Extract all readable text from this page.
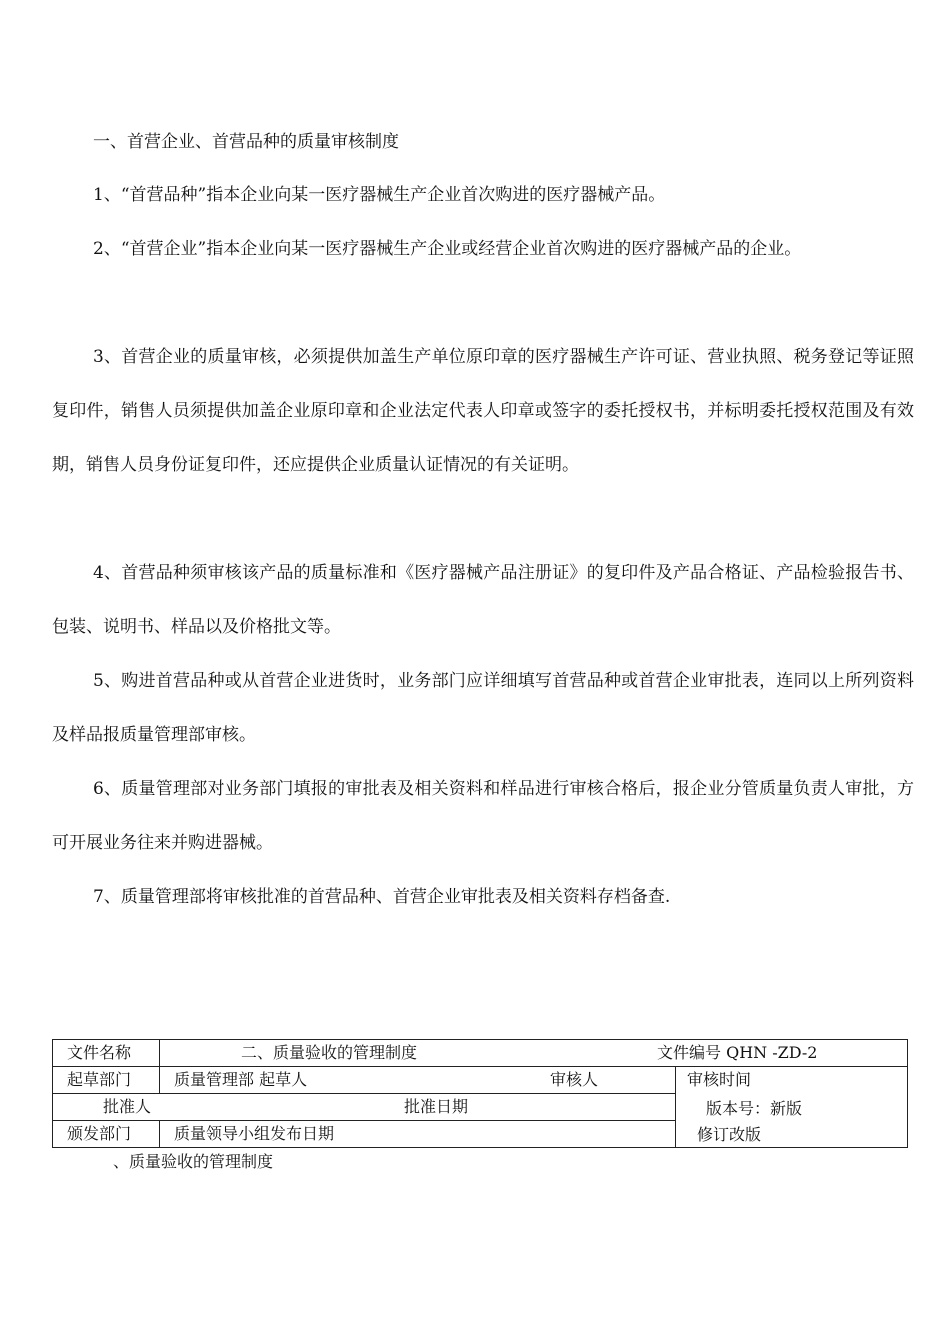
一、首营企业、首营品种的质量审核制度

1、“首营品种”指本企业向某一医疗器械生产企业首次购进的医疗器械产品。

2、“首营企业”指本企业向某一医疗器械生产企业或经营企业首次购进的医疗器械产品的企业。

3、首营企业的质量审核，必须提供加盖生产单位原印章的医疗器械生产许可证、营业执照、税务登记等证照复印件，销售人员须提供加盖企业原印章和企业法定代表人印章或签字的委托授权书，并标明委托授权范围及有效期，销售人员身份证复印件，还应提供企业质量认证情况的有关证明。

4、首营品种须审核该产品的质量标准和《医疗器械产品注册证》的复印件及产品合格证、产品检验报告书、包装、说明书、样品以及价格批文等。

5、购进首营品种或从首营企业进货时，业务部门应详细填写首营品种或首营企业审批表，连同以上所列资料及样品报质量管理部审核。

6、质量管理部对业务部门填报的审批表及相关资料和样品进行审核合格后，报企业分管质量负责人审批，方可开展业务往来并购进器械。

7、质量管理部将审核批准的首营品种、首营企业审批表及相关资料存档备查.

文件名称	二、质量验收的管理制度	文件编号 QHN -ZD-2
起草部门	质量管理部 起草人	审核人	审核时间
批准人	批准日期	版本号：新版
颁发部门	质量领导小组发布日期	修订改版
、质量验收的管理制度
